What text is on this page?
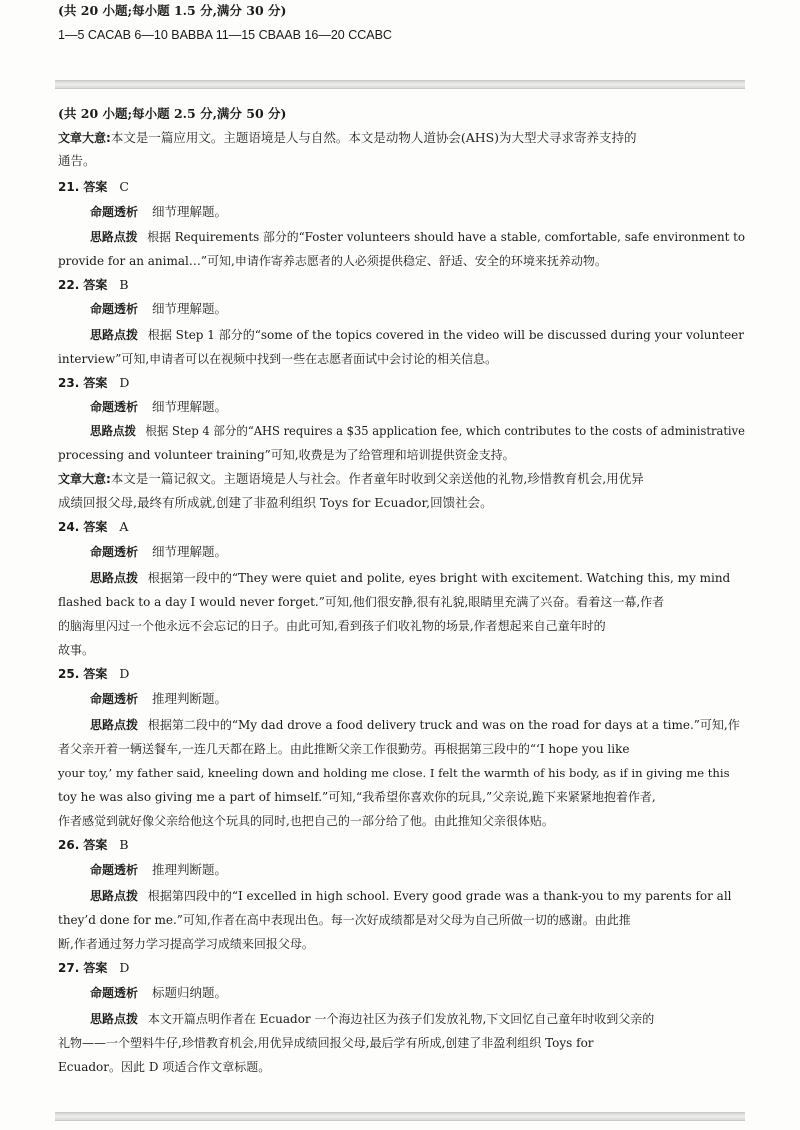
(共 20 小题;每小题 1.5 分,满分 30 分)
1—5 CACAB 6—10 BABBA 11—15 CBAAB 16—20 CCABC
(共 20 小题;每小题 2.5 分,满分 50 分)
文章大意:本文是一篇应用文。主题语境是人与自然。本文是动物人道协会(AHS)为大型犬寻求寄养支持的
通告。
21. 答案 C
命题透析 细节理解题。
思路点拨 根据 Requirements 部分的“Foster volunteers should have a stable, comfortable, safe environment to
provide for an animal…”可知,申请作寄养志愿者的人必须提供稳定、舒适、安全的环境来抚养动物。
22. 答案 B
命题透析 细节理解题。
思路点拨 根据 Step 1 部分的“some of the topics covered in the video will be discussed during your volunteer
interview”可知,申请者可以在视频中找到一些在志愿者面试中会讨论的相关信息。
23. 答案 D
命题透析 细节理解题。
思路点拨 根据 Step 4 部分的“AHS requires a $35 application fee, which contributes to the costs of administrative
processing and volunteer training”可知,收费是为了给管理和培训提供资金支持。
文章大意:本文是一篇记叙文。主题语境是人与社会。作者童年时收到父亲送他的礼物,珍惜教育机会,用优异
成绩回报父母,最终有所成就,创建了非盈利组织 Toys for Ecuador,回馈社会。
24. 答案 A
命题透析 细节理解题。
思路点拨 根据第一段中的“They were quiet and polite, eyes bright with excitement. Watching this, my mind
flashed back to a day I would never forget.”可知,他们很安静,很有礼貌,眼睛里充满了兴奋。看着这一幕,作者
的脑海里闪过一个他永远不会忘记的日子。由此可知,看到孩子们收礼物的场景,作者想起来自己童年时的
故事。
25. 答案 D
命题透析 推理判断题。
思路点拨 根据第二段中的“My dad drove a food delivery truck and was on the road for days at a time.”可知,作
者父亲开着一辆送餐车,一连几天都在路上。由此推断父亲工作很勤劳。再根据第三段中的“‘I hope you like
your toy,’ my father said, kneeling down and holding me close. I felt the warmth of his body, as if in giving me this
toy he was also giving me a part of himself.”可知,“我希望你喜欢你的玩具,”父亲说,跪下来紧紧地抱着作者,
作者感觉到就好像父亲给他这个玩具的同时,也把自己的一部分给了他。由此推知父亲很体贴。
26. 答案 B
命题透析 推理判断题。
思路点拨 根据第四段中的“I excelled in high school. Every good grade was a thank-you to my parents for all
they’d done for me.”可知,作者在高中表现出色。每一次好成绩都是对父母为自己所做一切的感谢。由此推
断,作者通过努力学习提高学习成绩来回报父母。
27. 答案 D
命题透析 标题归纳题。
思路点拨 本文开篇点明作者在 Ecuador 一个海边社区为孩子们发放礼物,下文回忆自己童年时收到父亲的
礼物——一个塑料牛仔,珍惜教育机会,用优异成绩回报父母,最后学有所成,创建了非盈利组织 Toys for
Ecuador。因此 D 项适合作文章标题。
